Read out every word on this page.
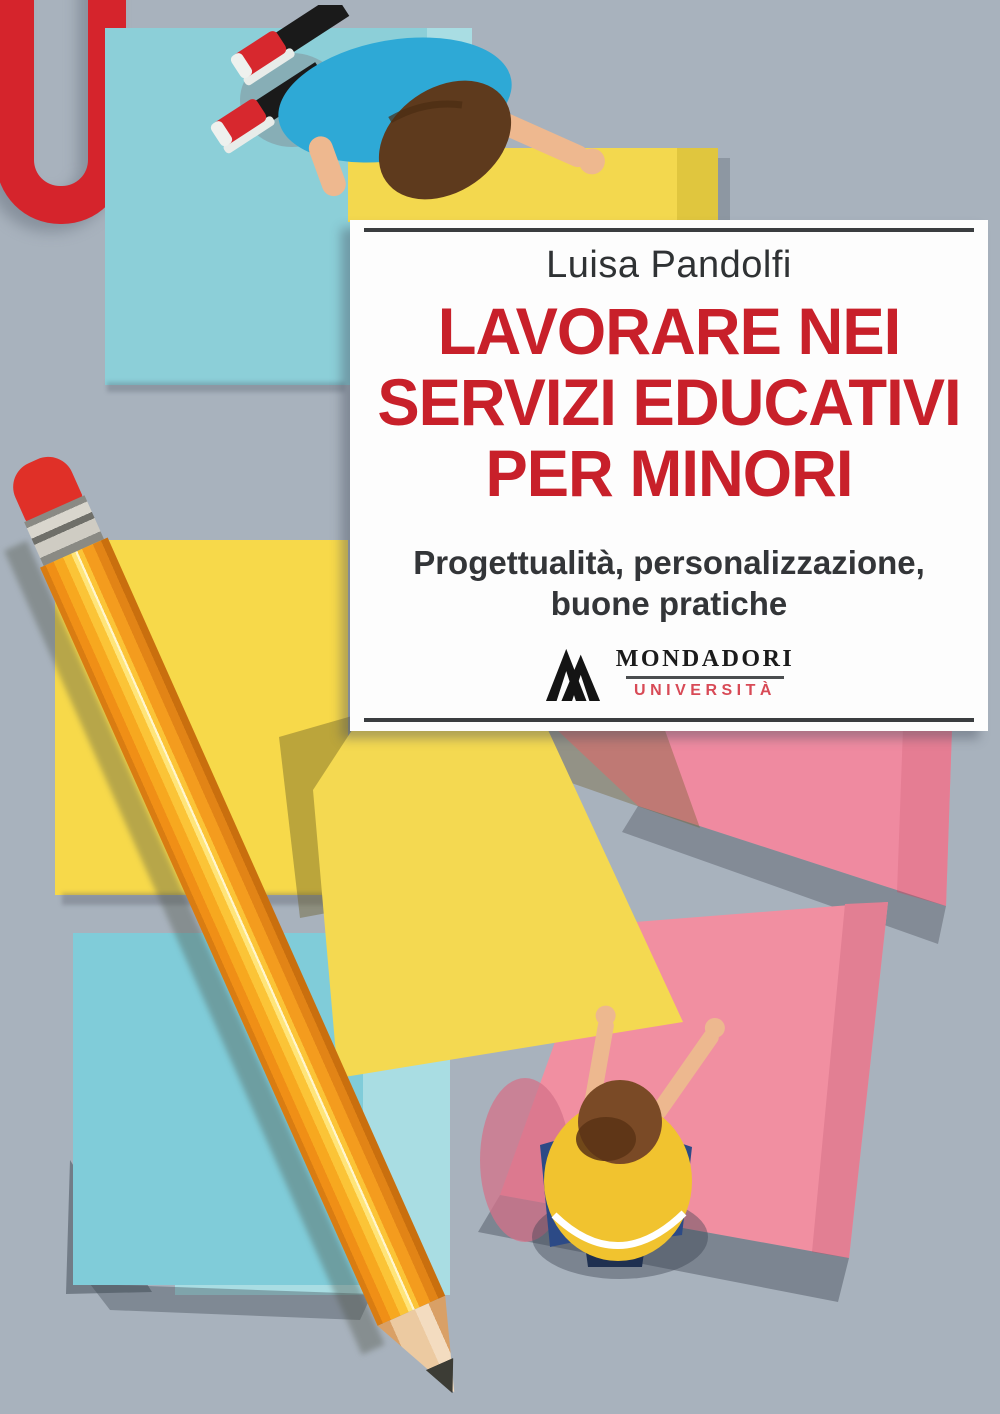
Luisa Pandolfi
LAVORARE NEI
SERVIZI EDUCATIVI
PER MINORI
Progettualità, personalizzazione,
buone pratiche
MONDADORI
UNIVERSITÀ
